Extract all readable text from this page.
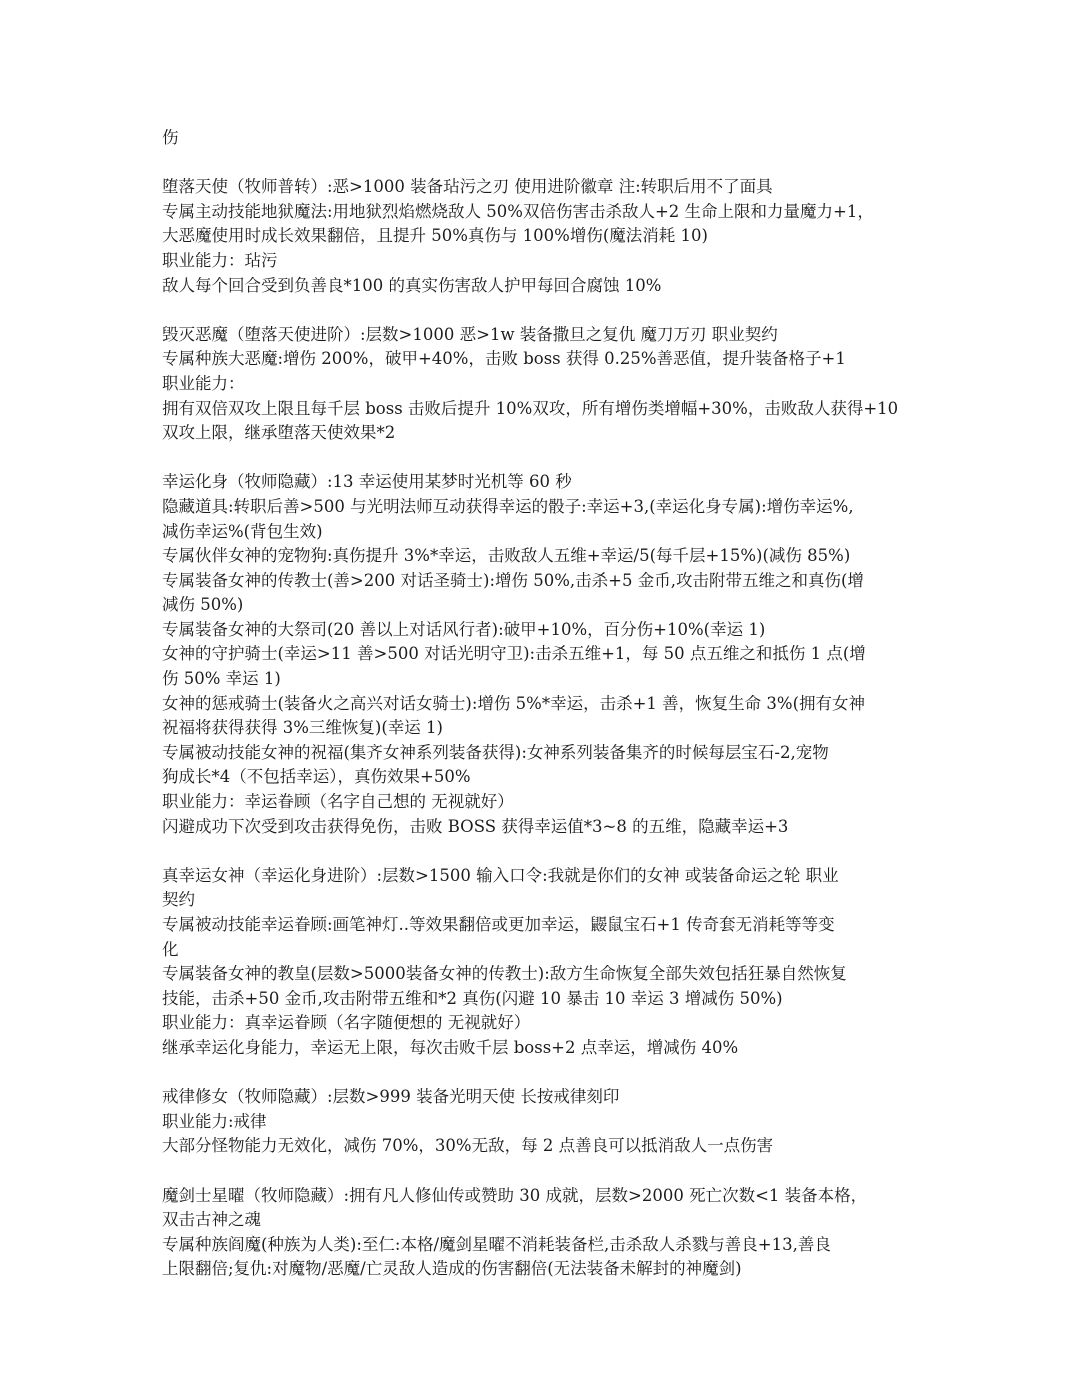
伤
堕落天使（牧师普转）:恶>1000 装备玷污之刃 使用进阶徽章 注:转职后用不了面具
专属主动技能地狱魔法:用地狱烈焰燃烧敌人 50%双倍伤害击杀敌人+2 生命上限和力量魔力+1，
大恶魔使用时成长效果翻倍，且提升 50%真伤与 100%增伤(魔法消耗 10)
职业能力：玷污
敌人每个回合受到负善良*100 的真实伤害敌人护甲每回合腐蚀 10%
毁灭恶魔（堕落天使进阶）:层数>1000 恶>1w 装备撒旦之复仇 魔刀万刃 职业契约
专属种族大恶魔:增伤 200%，破甲+40%，击败 boss 获得 0.25%善恶值，提升装备格子+1
职业能力：
拥有双倍双攻上限且每千层 boss 击败后提升 10%双攻，所有增伤类增幅+30%，击败敌人获得+10
双攻上限，继承堕落天使效果*2
幸运化身（牧师隐藏）:13 幸运使用某梦时光机等 60 秒
隐藏道具:转职后善>500 与光明法师互动获得幸运的骰子:幸运+3,(幸运化身专属):增伤幸运%,
减伤幸运%(背包生效)
专属伙伴女神的宠物狗:真伤提升 3%*幸运，击败敌人五维+幸运/5(每千层+15%)(减伤 85%)
专属装备女神的传教士(善>200 对话圣骑士):增伤 50%,击杀+5 金币,攻击附带五维之和真伤(增
减伤 50%)
专属装备女神的大祭司(20 善以上对话风行者):破甲+10%，百分伤+10%(幸运 1)
女神的守护骑士(幸运>11 善>500 对话光明守卫):击杀五维+1，每 50 点五维之和抵伤 1 点(增
伤 50% 幸运 1)
女神的惩戒骑士(装备火之高兴对话女骑士):增伤 5%*幸运，击杀+1 善，恢复生命 3%(拥有女神
祝福将获得获得 3%三维恢复)(幸运 1)
专属被动技能女神的祝福(集齐女神系列装备获得):女神系列装备集齐的时候每层宝石-2,宠物
狗成长*4（不包括幸运），真伤效果+50%
职业能力：幸运眷顾（名字自己想的 无视就好）
闪避成功下次受到攻击获得免伤，击败 BOSS 获得幸运值*3~8 的五维，隐藏幸运+3
真幸运女神（幸运化身进阶）:层数>1500 输入口令:我就是你们的女神 或装备命运之轮 职业
契约
专属被动技能幸运眷顾:画笔神灯..等效果翻倍或更加幸运，鼹鼠宝石+1 传奇套无消耗等等变
化
专属装备女神的教皇(层数>5000装备女神的传教士):敌方生命恢复全部失效包括狂暴自然恢复
技能，击杀+50 金币,攻击附带五维和*2 真伤(闪避 10 暴击 10 幸运 3 增减伤 50%)
职业能力：真幸运眷顾（名字随便想的 无视就好）
继承幸运化身能力，幸运无上限，每次击败千层 boss+2 点幸运，增减伤 40%
戒律修女（牧师隐藏）:层数>999 装备光明天使 长按戒律刻印
职业能力:戒律
大部分怪物能力无效化，减伤 70%，30%无敌，每 2 点善良可以抵消敌人一点伤害
魔剑士星曜（牧师隐藏）:拥有凡人修仙传或赞助 30 成就，层数>2000 死亡次数<1 装备本格，
双击古神之魂
专属种族阎魔(种族为人类):至仁:本格/魔剑星曜不消耗装备栏,击杀敌人杀戮与善良+13,善良
上限翻倍;复仇:对魔物/恶魔/亡灵敌人造成的伤害翻倍(无法装备未解封的神魔剑)
